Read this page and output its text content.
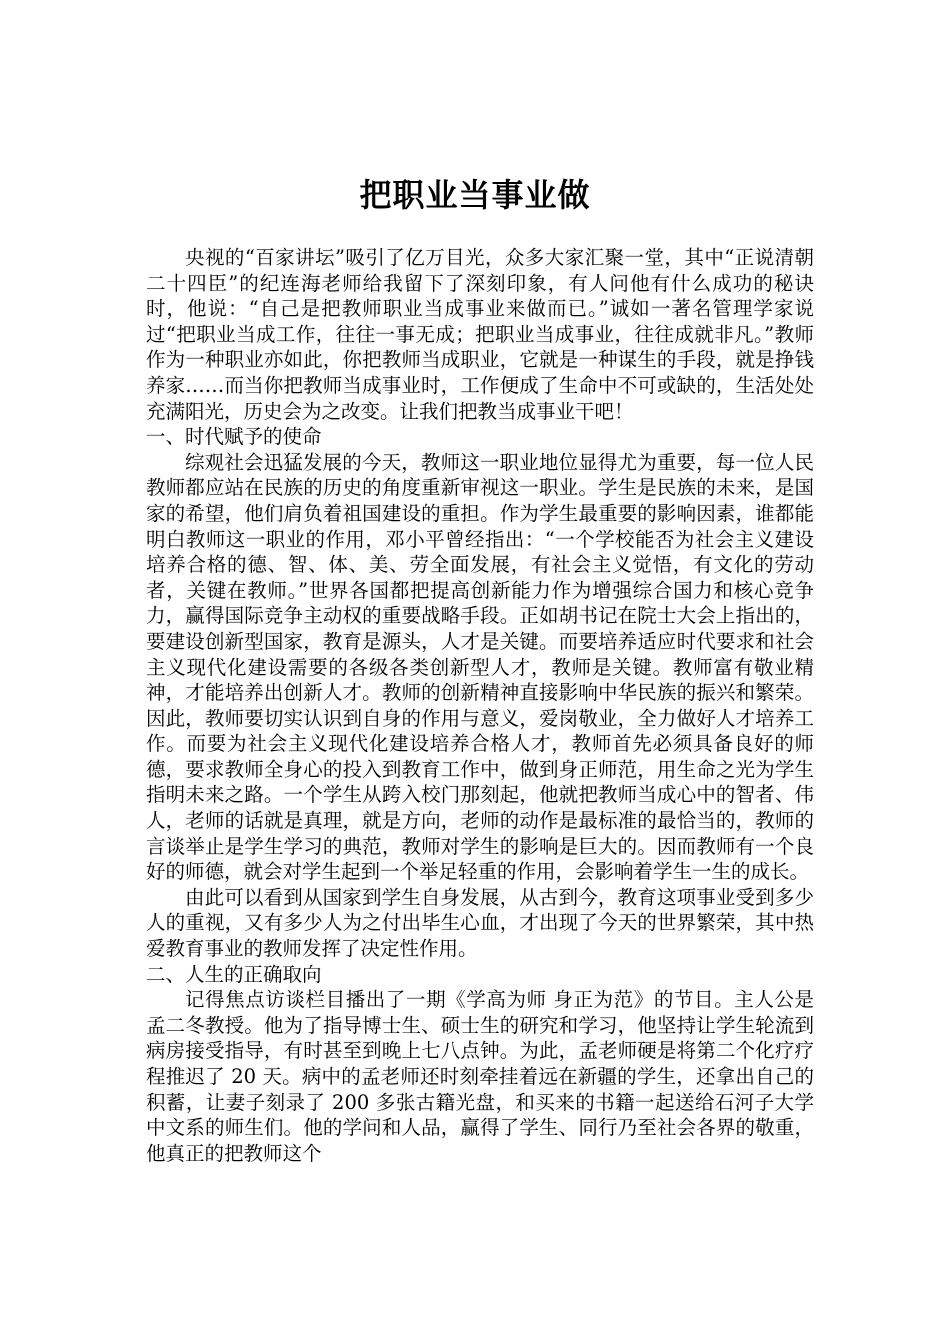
把职业当事业做

央视的“百家讲坛”吸引了亿万目光，众多大家汇聚一堂，其中“正说清朝二十四臣”的纪连海老师给我留下了深刻印象，有人问他有什么成功的秘诀时，他说：“自己是把教师职业当成事业来做而已。”诚如一著名管理学家说过“把职业当成工作，往往一事无成；把职业当成事业，往往成就非凡。”教师作为一种职业亦如此，你把教师当成职业，它就是一种谋生的手段，就是挣钱养家……而当你把教师当成事业时，工作便成了生命中不可或缺的，生活处处充满阳光，历史会为之改变。让我们把教当成事业干吧！

一、时代赋予的使命

综观社会迅猛发展的今天，教师这一职业地位显得尤为重要，每一位人民教师都应站在民族的历史的角度重新审视这一职业。学生是民族的未来，是国家的希望，他们肩负着祖国建设的重担。作为学生最重要的影响因素，谁都能明白教师这一职业的作用，邓小平曾经指出：“一个学校能否为社会主义建设培养合格的德、智、体、美、劳全面发展，有社会主义觉悟，有文化的劳动者，关键在教师。”世界各国都把提高创新能力作为增强综合国力和核心竞争力，赢得国际竞争主动权的重要战略手段。正如胡书记在院士大会上指出的，要建设创新型国家，教育是源头，人才是关键。而要培养适应时代要求和社会主义现代化建设需要的各级各类创新型人才，教师是关键。教师富有敬业精神，才能培养出创新人才。教师的创新精神直接影响中华民族的振兴和繁荣。因此，教师要切实认识到自身的作用与意义，爱岗敬业，全力做好人才培养工作。而要为社会主义现代化建设培养合格人才，教师首先必须具备良好的师德，要求教师全身心的投入到教育工作中，做到身正师范，用生命之光为学生指明未来之路。一个学生从跨入校门那刻起，他就把教师当成心中的智者、伟人，老师的话就是真理，就是方向，老师的动作是最标准的最恰当的，教师的言谈举止是学生学习的典范，教师对学生的影响是巨大的。因而教师有一个良好的师德，就会对学生起到一个举足轻重的作用，会影响着学生一生的成长。

由此可以看到从国家到学生自身发展，从古到今，教育这项事业受到多少人的重视，又有多少人为之付出毕生心血，才出现了今天的世界繁荣，其中热爱教育事业的教师发挥了决定性作用。

二、人生的正确取向

记得焦点访谈栏目播出了一期《学高为师 身正为范》的节目。主人公是孟二冬教授。他为了指导博士生、硕士生的研究和学习，他坚持让学生轮流到病房接受指导，有时甚至到晚上七八点钟。为此，孟老师硬是将第二个化疗疗程推迟了 20 天。病中的孟老师还时刻牵挂着远在新疆的学生，还拿出自己的积蓄，让妻子刻录了 200 多张古籍光盘，和买来的书籍一起送给石河子大学中文系的师生们。他的学问和人品，赢得了学生、同行乃至社会各界的敬重，他真正的把教师这个
